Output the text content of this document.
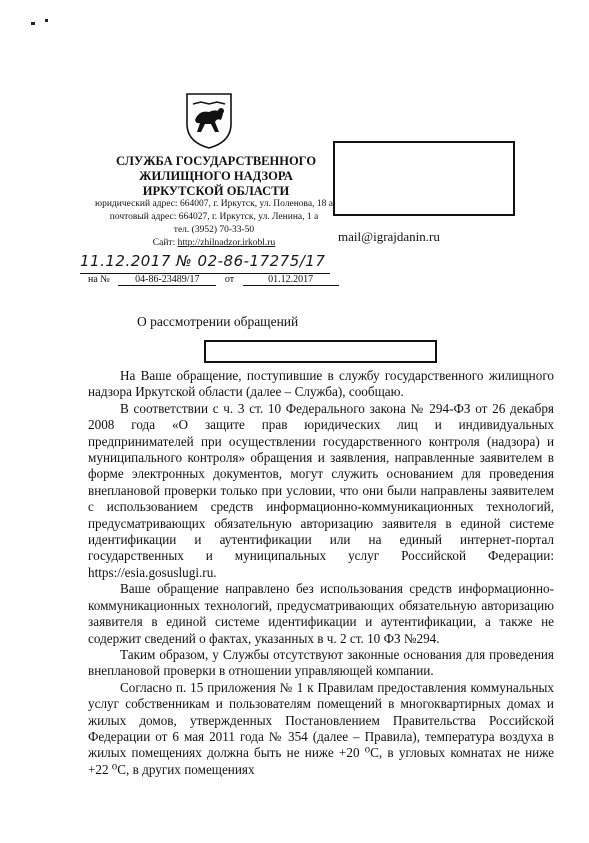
СЛУЖБА ГОСУДАРСТВЕННОГО
ЖИЛИЩНОГО НАДЗОРА
ИРКУТСКОЙ ОБЛАСТИ
юридический адрес: 664007, г. Иркутск, ул. Поленова, 18 а
почтовый адрес: 664027, г. Иркутск, ул. Ленина, 1 а
тел. (3952) 70-33-50
Сайт: http://zhilnadzor.irkobl.ru	mail@igrajdanin.ru
11.12.2017 № 02-86-17275/17
на №	04-86-23489/17	от	01.12.2017
О рассмотрении обращений

На Ваше обращение, поступившие в службу государственного жилищного надзора Иркутской области (далее – Служба), сообщаю.

В соответствии с ч. 3 ст. 10 Федерального закона № 294-ФЗ от 26 декабря 2008 года «О защите прав юридических лиц и индивидуальных предпринимателей при осуществлении государственного контроля (надзора) и муниципального контроля» обращения и заявления, направленные заявителем в форме электронных документов, могут служить основанием для проведения внеплановой проверки только при условии, что они были направлены заявителем с использованием средств информационно-коммуникационных технологий, предусматривающих обязательную авторизацию заявителя в единой системе идентификации и аутентификации или на единый интернет-портал государственных и муниципальных услуг Российской Федерации: https://esia.gosuslugi.ru.

Ваше обращение направлено без использования средств информационно-коммуникационных технологий, предусматривающих обязательную авторизацию заявителя в единой системе идентификации и аутентификации, а также не содержит сведений о фактах, указанных в ч. 2 ст. 10 ФЗ №294.

Таким образом, у Службы отсутствуют законные основания для проведения внеплановой проверки в отношении управляющей компании.

Согласно п. 15 приложения № 1 к Правилам предоставления коммунальных услуг собственникам и пользователям помещений в многоквартирных домах и жилых домов, утвержденных Постановлением Правительства Российской Федерации от 6 мая 2011 года № 354 (далее – Правила), температура воздуха в жилых помещениях должна быть не ниже +20 ⁰С, в угловых комнатах не ниже +22 ⁰С, в других помещениях
